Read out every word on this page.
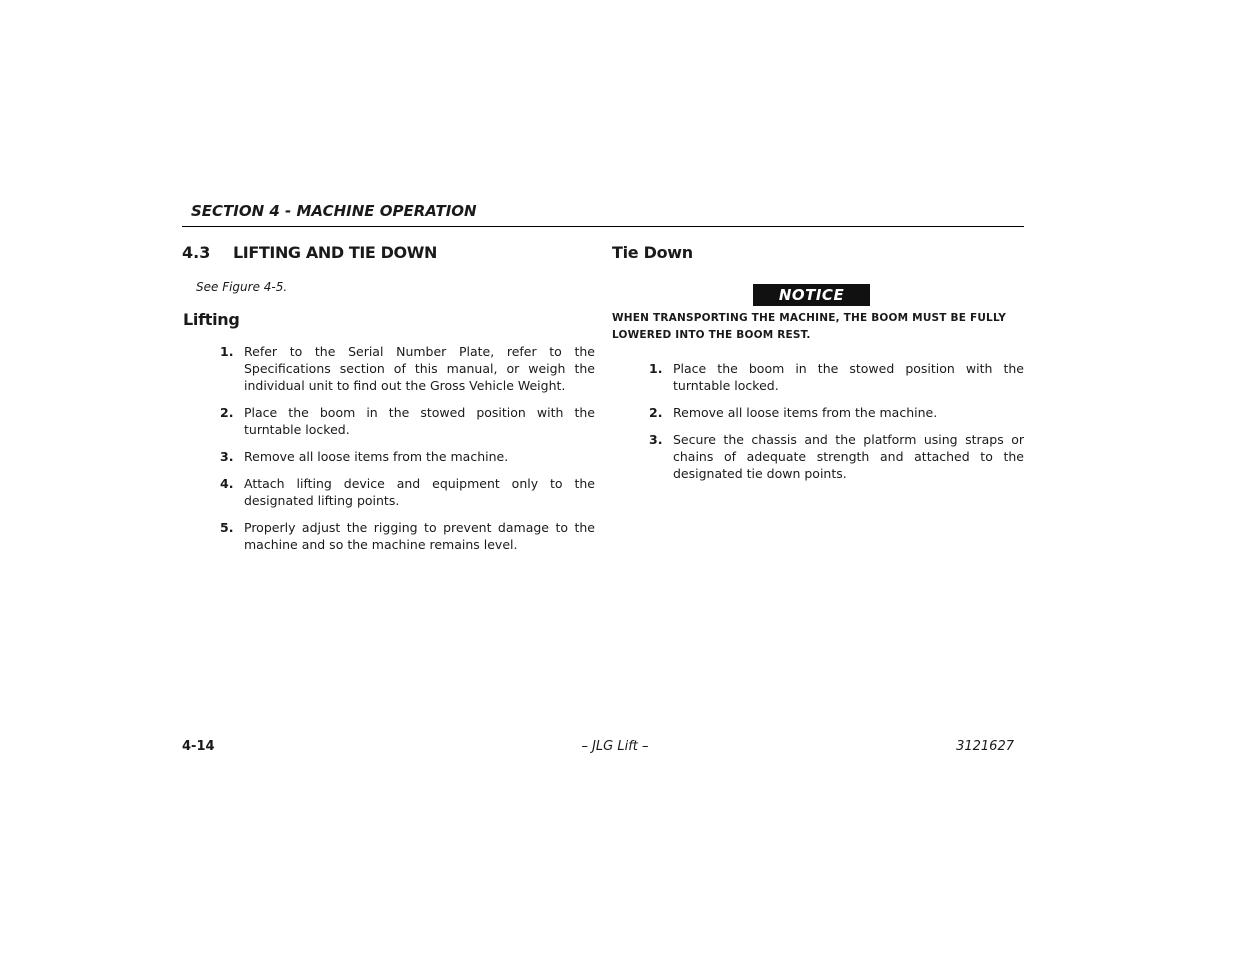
SECTION 4 - MACHINE OPERATION
4.3 LIFTING AND TIE DOWN
See Figure 4-5.
Lifting
1. Refer to the Serial Number Plate, refer to the Specifications section of this manual, or weigh the individual unit to find out the Gross Vehicle Weight.
2. Place the boom in the stowed position with the turntable locked.
3. Remove all loose items from the machine.
4. Attach lifting device and equipment only to the designated lifting points.
5. Properly adjust the rigging to prevent damage to the machine and so the machine remains level.
Tie Down
NOTICE
WHEN TRANSPORTING THE MACHINE, THE BOOM MUST BE FULLY LOWERED INTO THE BOOM REST.
1. Place the boom in the stowed position with the turntable locked.
2. Remove all loose items from the machine.
3. Secure the chassis and the platform using straps or chains of adequate strength and attached to the designated tie down points.
4-14	– JLG Lift –	3121627
